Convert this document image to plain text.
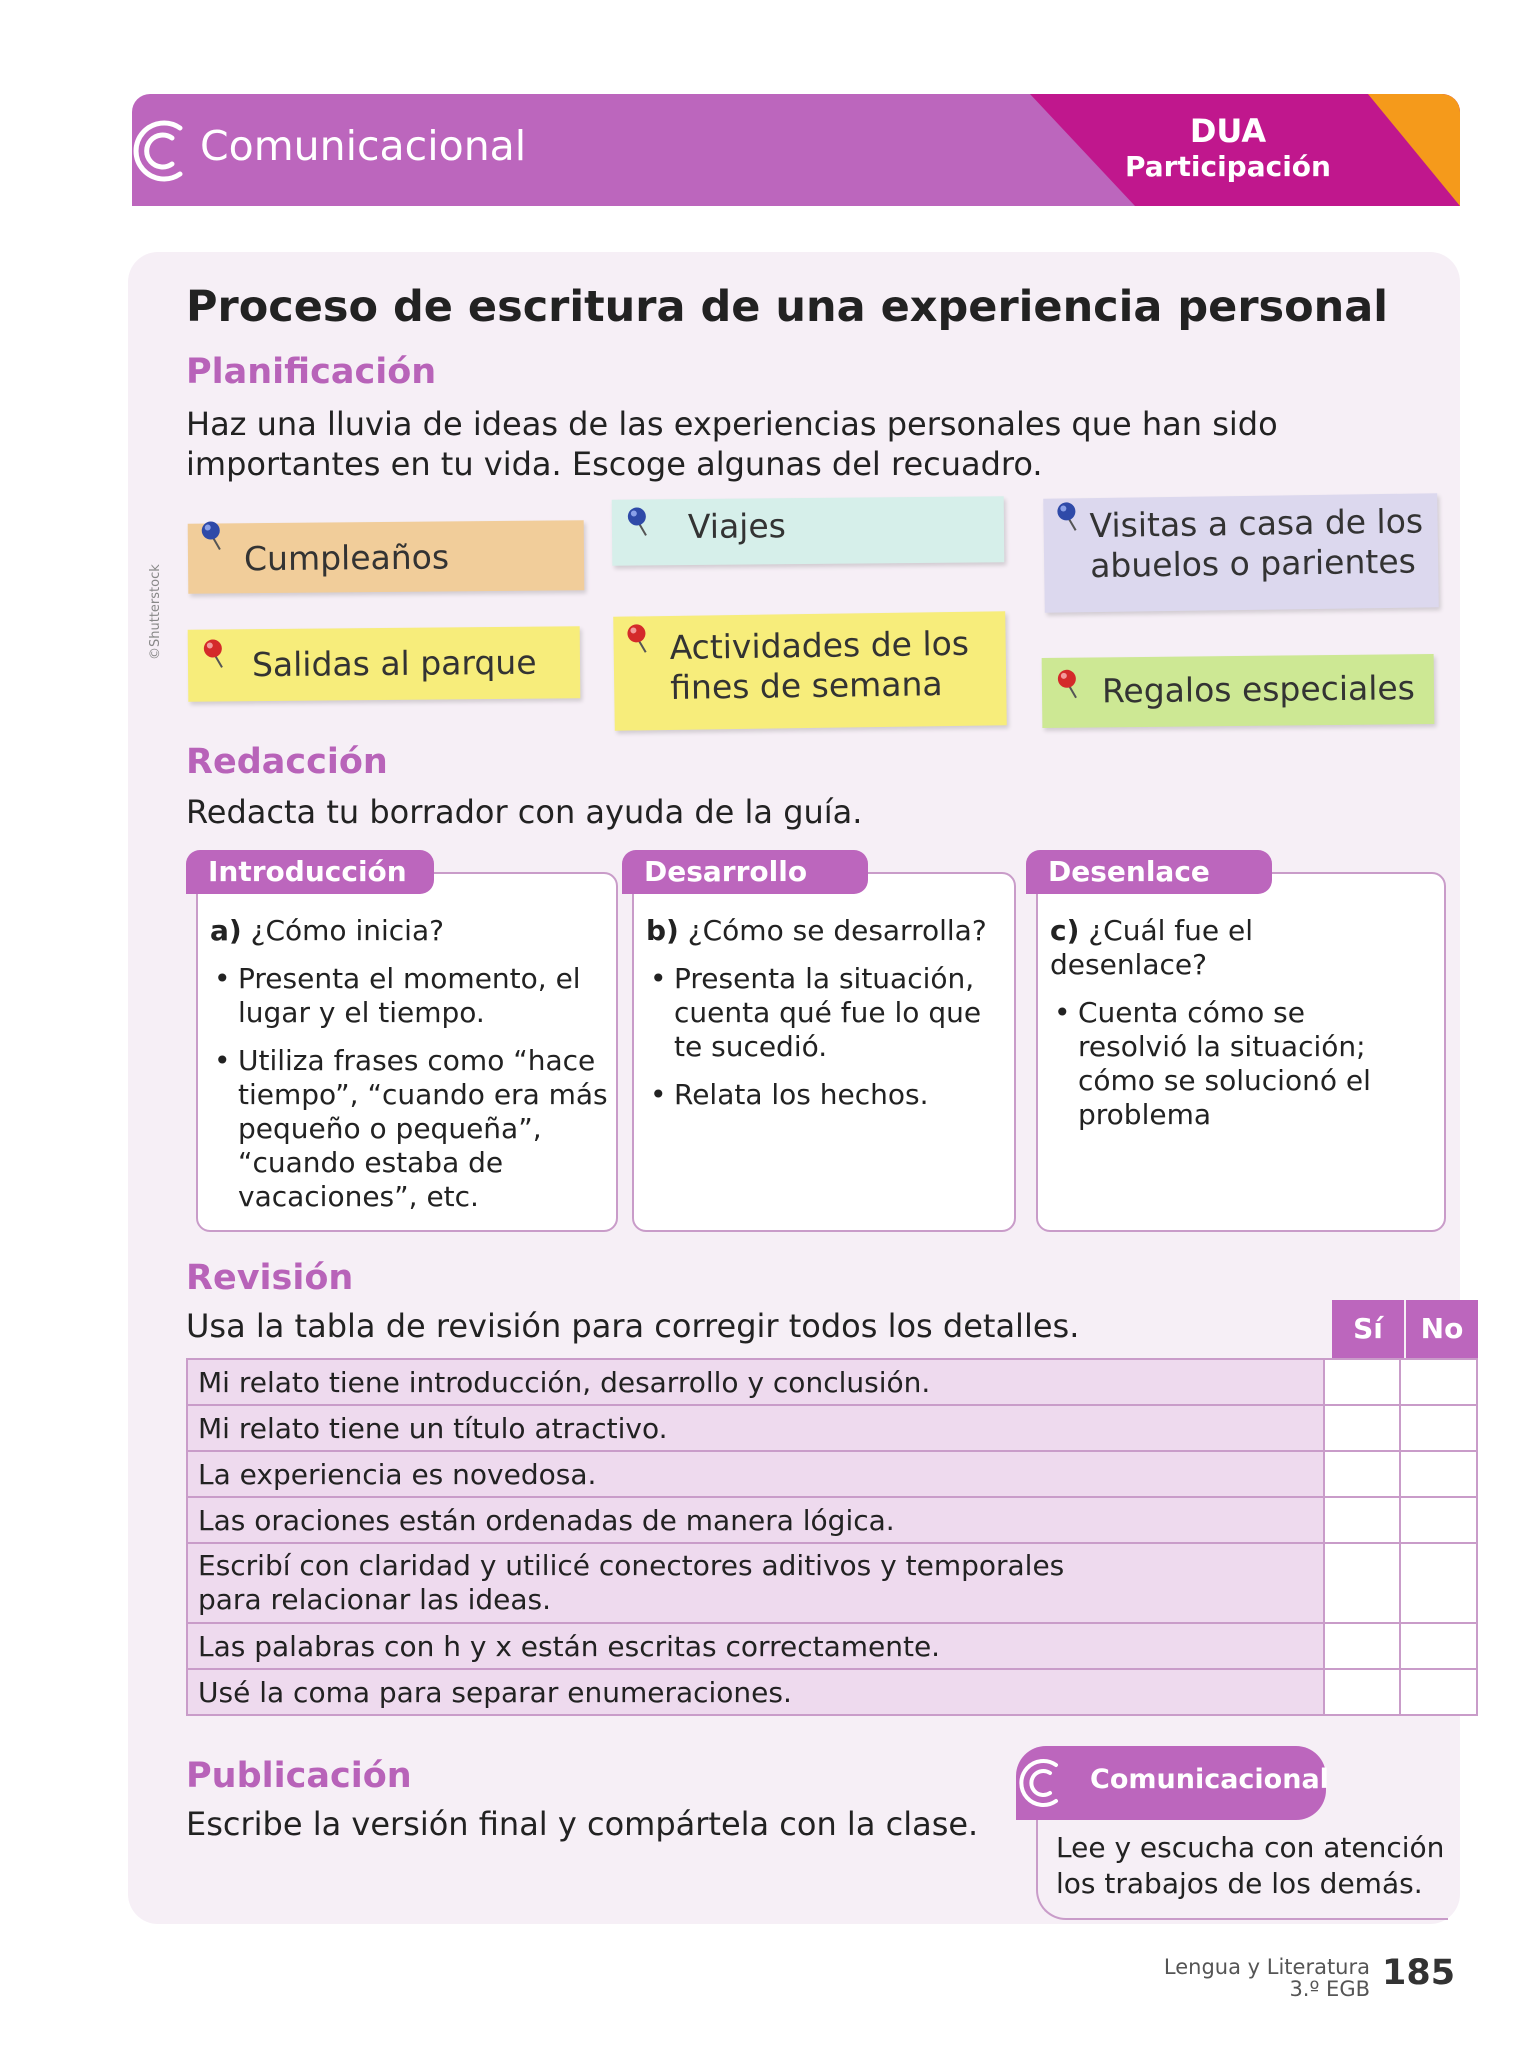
Comunicacional	DUA
Participación
Proceso de escritura de una experiencia personal
Planificación
Haz una lluvia de ideas de las experiencias personales que han sido
importantes en tu vida. Escoge algunas del recuadro.
©Shutterstock
Cumpleaños
Viajes	Visitas a casa de los
abuelos o parientes
Salidas al parque	Actividades de los
fines de semana	Regalos especiales
Redacción
Redacta tu borrador con ayuda de la guía.
Introducción
a) ¿Cómo inicia?
• Presenta el momento, el lugar y el tiempo.
• Utiliza frases como “hace tiempo”, “cuando era más pequeño o pequeña”, “cuando estaba de vacaciones”, etc.
Desarrollo
b) ¿Cómo se desarrolla?
• Presenta la situación, cuenta qué fue lo que te sucedió.
• Relata los hechos.
Desenlace
c) ¿Cuál fue el desenlace?
• Cuenta cómo se resolvió la situación; cómo se solucionó el problema
Revisión
Usa la tabla de revisión para corregir todos los detalles.	Sí	No
Mi relato tiene introducción, desarrollo y conclusión.		
Mi relato tiene un título atractivo.		
La experiencia es novedosa.		
Las oraciones están ordenadas de manera lógica.		

Escribí con claridad y utilicé conectores aditivos y temporales
para relacionar las ideas.		

Las palabras con h y x están escritas correctamente.		
Usé la coma para separar enumeraciones.		
Publicación
Escribe la versión final y compártela con la clase.
Comunicacional
Lee y escucha con atención
los trabajos de los demás.
Lengua y Literatura
3.º EGB 185
